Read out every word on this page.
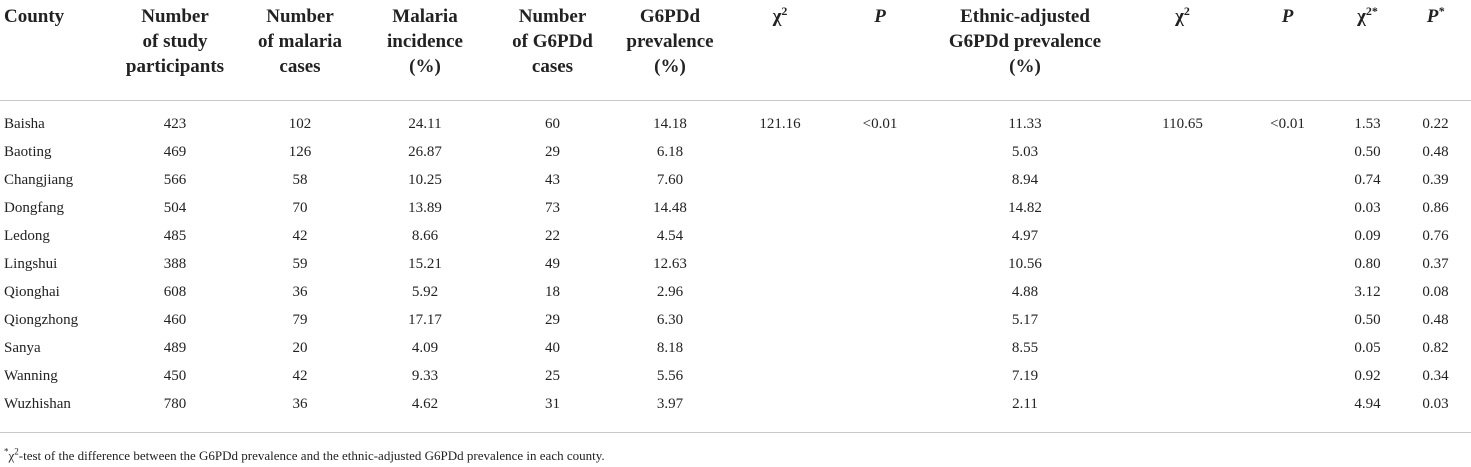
County	Number
of study
participants	Number
of malaria
cases	Malaria
incidence
(%)	Number
of G6PDd
cases	G6PDd
prevalence
(%)	$\chi^2$	P	Ethnic-adjusted
G6PDd prevalence
(%)	$\chi^2$	P	$\chi^{2*}$	P*

Baisha	423	102	24.11	60	14.18	121.16	<0.01	11.33	110.65	<0.01	1.53	0.22
Baoting	469	126	26.87	29	6.18			5.03			0.50	0.48
Changjiang	566	58	10.25	43	7.60			8.94			0.74	0.39
Dongfang	504	70	13.89	73	14.48			14.82			0.03	0.86
Ledong	485	42	8.66	22	4.54			4.97			0.09	0.76
Lingshui	388	59	15.21	49	12.63			10.56			0.80	0.37
Qionghai	608	36	5.92	18	2.96			4.88			3.12	0.08
Qiongzhong	460	79	17.17	29	6.30			5.17			0.50	0.48
Sanya	489	20	4.09	40	8.18			8.55			0.05	0.82
Wanning	450	42	9.33	25	5.56			7.19			0.92	0.34
Wuzhishan	780	36	4.62	31	3.97			2.11			4.94	0.03

$^*\chi^2$-test of the difference between the G6PDd prevalence and the ethnic-adjusted G6PDd prevalence in each county.
